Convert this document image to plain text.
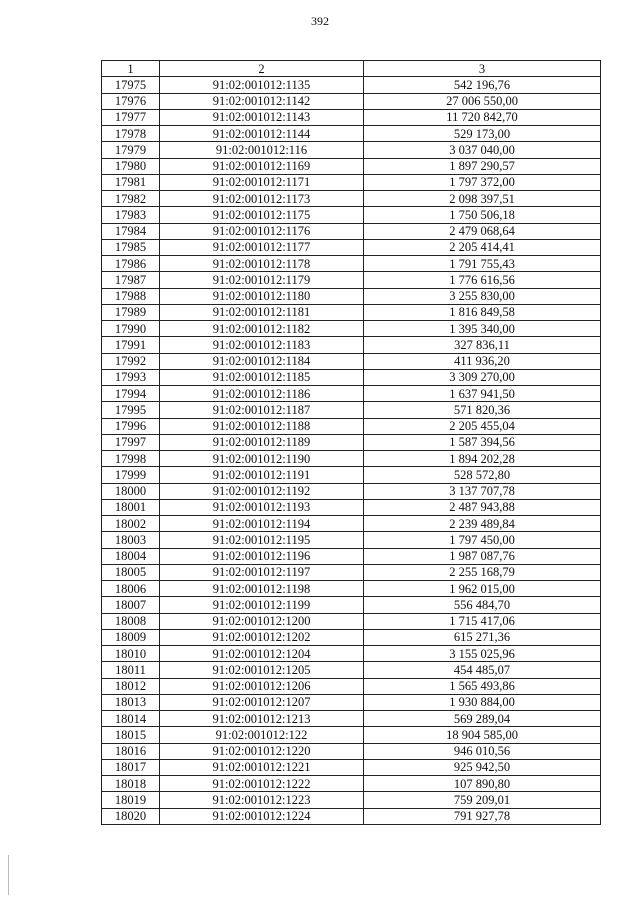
392
1	2	3
17975	91:02:001012:1135	542 196,76
17976	91:02:001012:1142	27 006 550,00
17977	91:02:001012:1143	11 720 842,70
17978	91:02:001012:1144	529 173,00
17979	91:02:001012:116	3 037 040,00
17980	91:02:001012:1169	1 897 290,57
17981	91:02:001012:1171	1 797 372,00
17982	91:02:001012:1173	2 098 397,51
17983	91:02:001012:1175	1 750 506,18
17984	91:02:001012:1176	2 479 068,64
17985	91:02:001012:1177	2 205 414,41
17986	91:02:001012:1178	1 791 755,43
17987	91:02:001012:1179	1 776 616,56
17988	91:02:001012:1180	3 255 830,00
17989	91:02:001012:1181	1 816 849,58
17990	91:02:001012:1182	1 395 340,00
17991	91:02:001012:1183	327 836,11
17992	91:02:001012:1184	411 936,20
17993	91:02:001012:1185	3 309 270,00
17994	91:02:001012:1186	1 637 941,50
17995	91:02:001012:1187	571 820,36
17996	91:02:001012:1188	2 205 455,04
17997	91:02:001012:1189	1 587 394,56
17998	91:02:001012:1190	1 894 202,28
17999	91:02:001012:1191	528 572,80
18000	91:02:001012:1192	3 137 707,78
18001	91:02:001012:1193	2 487 943,88
18002	91:02:001012:1194	2 239 489,84
18003	91:02:001012:1195	1 797 450,00
18004	91:02:001012:1196	1 987 087,76
18005	91:02:001012:1197	2 255 168,79
18006	91:02:001012:1198	1 962 015,00
18007	91:02:001012:1199	556 484,70
18008	91:02:001012:1200	1 715 417,06
18009	91:02:001012:1202	615 271,36
18010	91:02:001012:1204	3 155 025,96
18011	91:02:001012:1205	454 485,07
18012	91:02:001012:1206	1 565 493,86
18013	91:02:001012:1207	1 930 884,00
18014	91:02:001012:1213	569 289,04
18015	91:02:001012:122	18 904 585,00
18016	91:02:001012:1220	946 010,56
18017	91:02:001012:1221	925 942,50
18018	91:02:001012:1222	107 890,80
18019	91:02:001012:1223	759 209,01
18020	91:02:001012:1224	791 927,78
